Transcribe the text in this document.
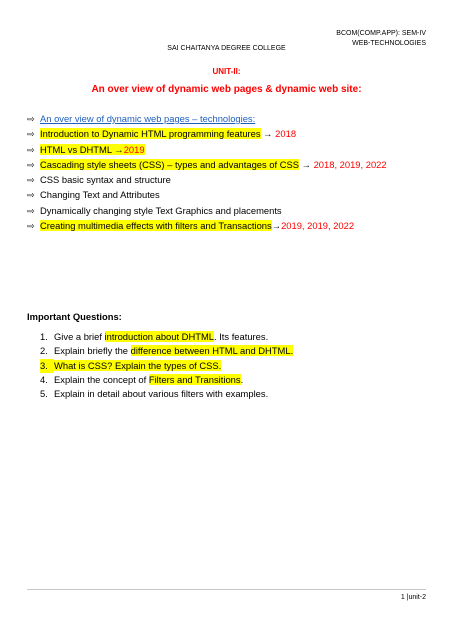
BCOM(COMP.APP): SEM-IV
WEB-TECHNOLOGIES
SAI CHAITANYA DEGREE COLLEGE
UNIT-II:
An over view of dynamic web pages & dynamic web site:
⇨ An over view of dynamic web pages – technologies:
⇨ Introduction to Dynamic HTML programming features → 2018
⇨ HTML vs DHTML →2019
⇨ Cascading style sheets (CSS) – types and advantages of CSS → 2018, 2019, 2022
⇨ CSS basic syntax and structure
⇨ Changing Text and Attributes
⇨ Dynamically changing style Text Graphics and placements
⇨ Creating multimedia effects with filters and Transactions→2019, 2019, 2022
Important Questions:
1. Give a brief introduction about DHTML. Its features.
2. Explain briefly the difference between HTML and DHTML.
3. What is CSS? Explain the types of CSS.
4. Explain the concept of Filters and Transitions.
5. Explain in detail about various filters with examples.
1 |unit-2
